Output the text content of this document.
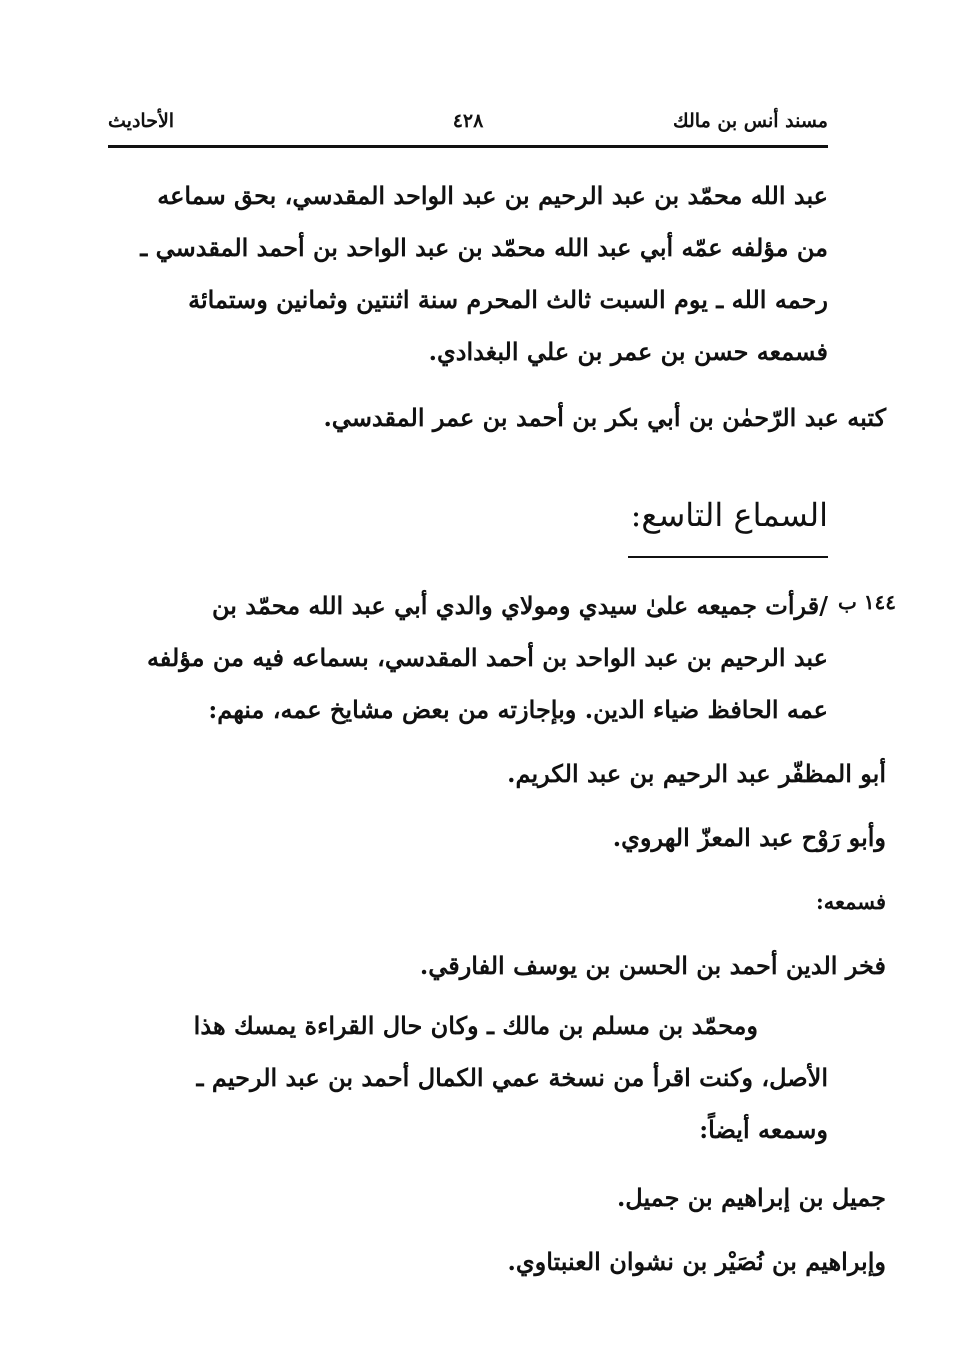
مسند أنس بن مالك
٤٢٨
الأحاديث
عبد الله محمّد بن عبد الرحيم بن عبد الواحد المقدسي، بحق سماعه
من مؤلفه عمّه أبي عبد الله محمّد بن عبد الواحد بن أحمد المقدسي ـ
رحمه الله ـ يوم السبت ثالث المحرم سنة اثنتين وثمانين وستمائة
فسمعه حسن بن عمر بن علي البغدادي.

كتبه عبد الرّحمٰن بن أبي بكر بن أحمد بن عمر المقدسي.

السماع التاسع:

١٤٤ ب

/قرأت جميعه علىٰ سيدي ومولاي والدي أبي عبد الله محمّد بن
عبد الرحيم بن عبد الواحد بن أحمد المقدسي، بسماعه فيه من مؤلفه
عمه الحافظ ضياء الدين. وبإجازته من بعض مشايخ عمه، منهم:

أبو المظفّر عبد الرحيم بن عبد الكريم.

وأبو رَوْح عبد المعزّ الهروي.

فسمعه:

فخر الدين أحمد بن الحسن بن يوسف الفارقي.

ومحمّد بن مسلم بن مالك ـ وكان حال القراءة يمسك هذا
الأصل، وكنت اقرأ من نسخة عمي الكمال أحمد بن عبد الرحيم ـ
وسمعه أيضاً:

جميل بن إبراهيم بن جميل.

وإبراهيم بن نُصَيْر بن نشوان العنبتاوي.
